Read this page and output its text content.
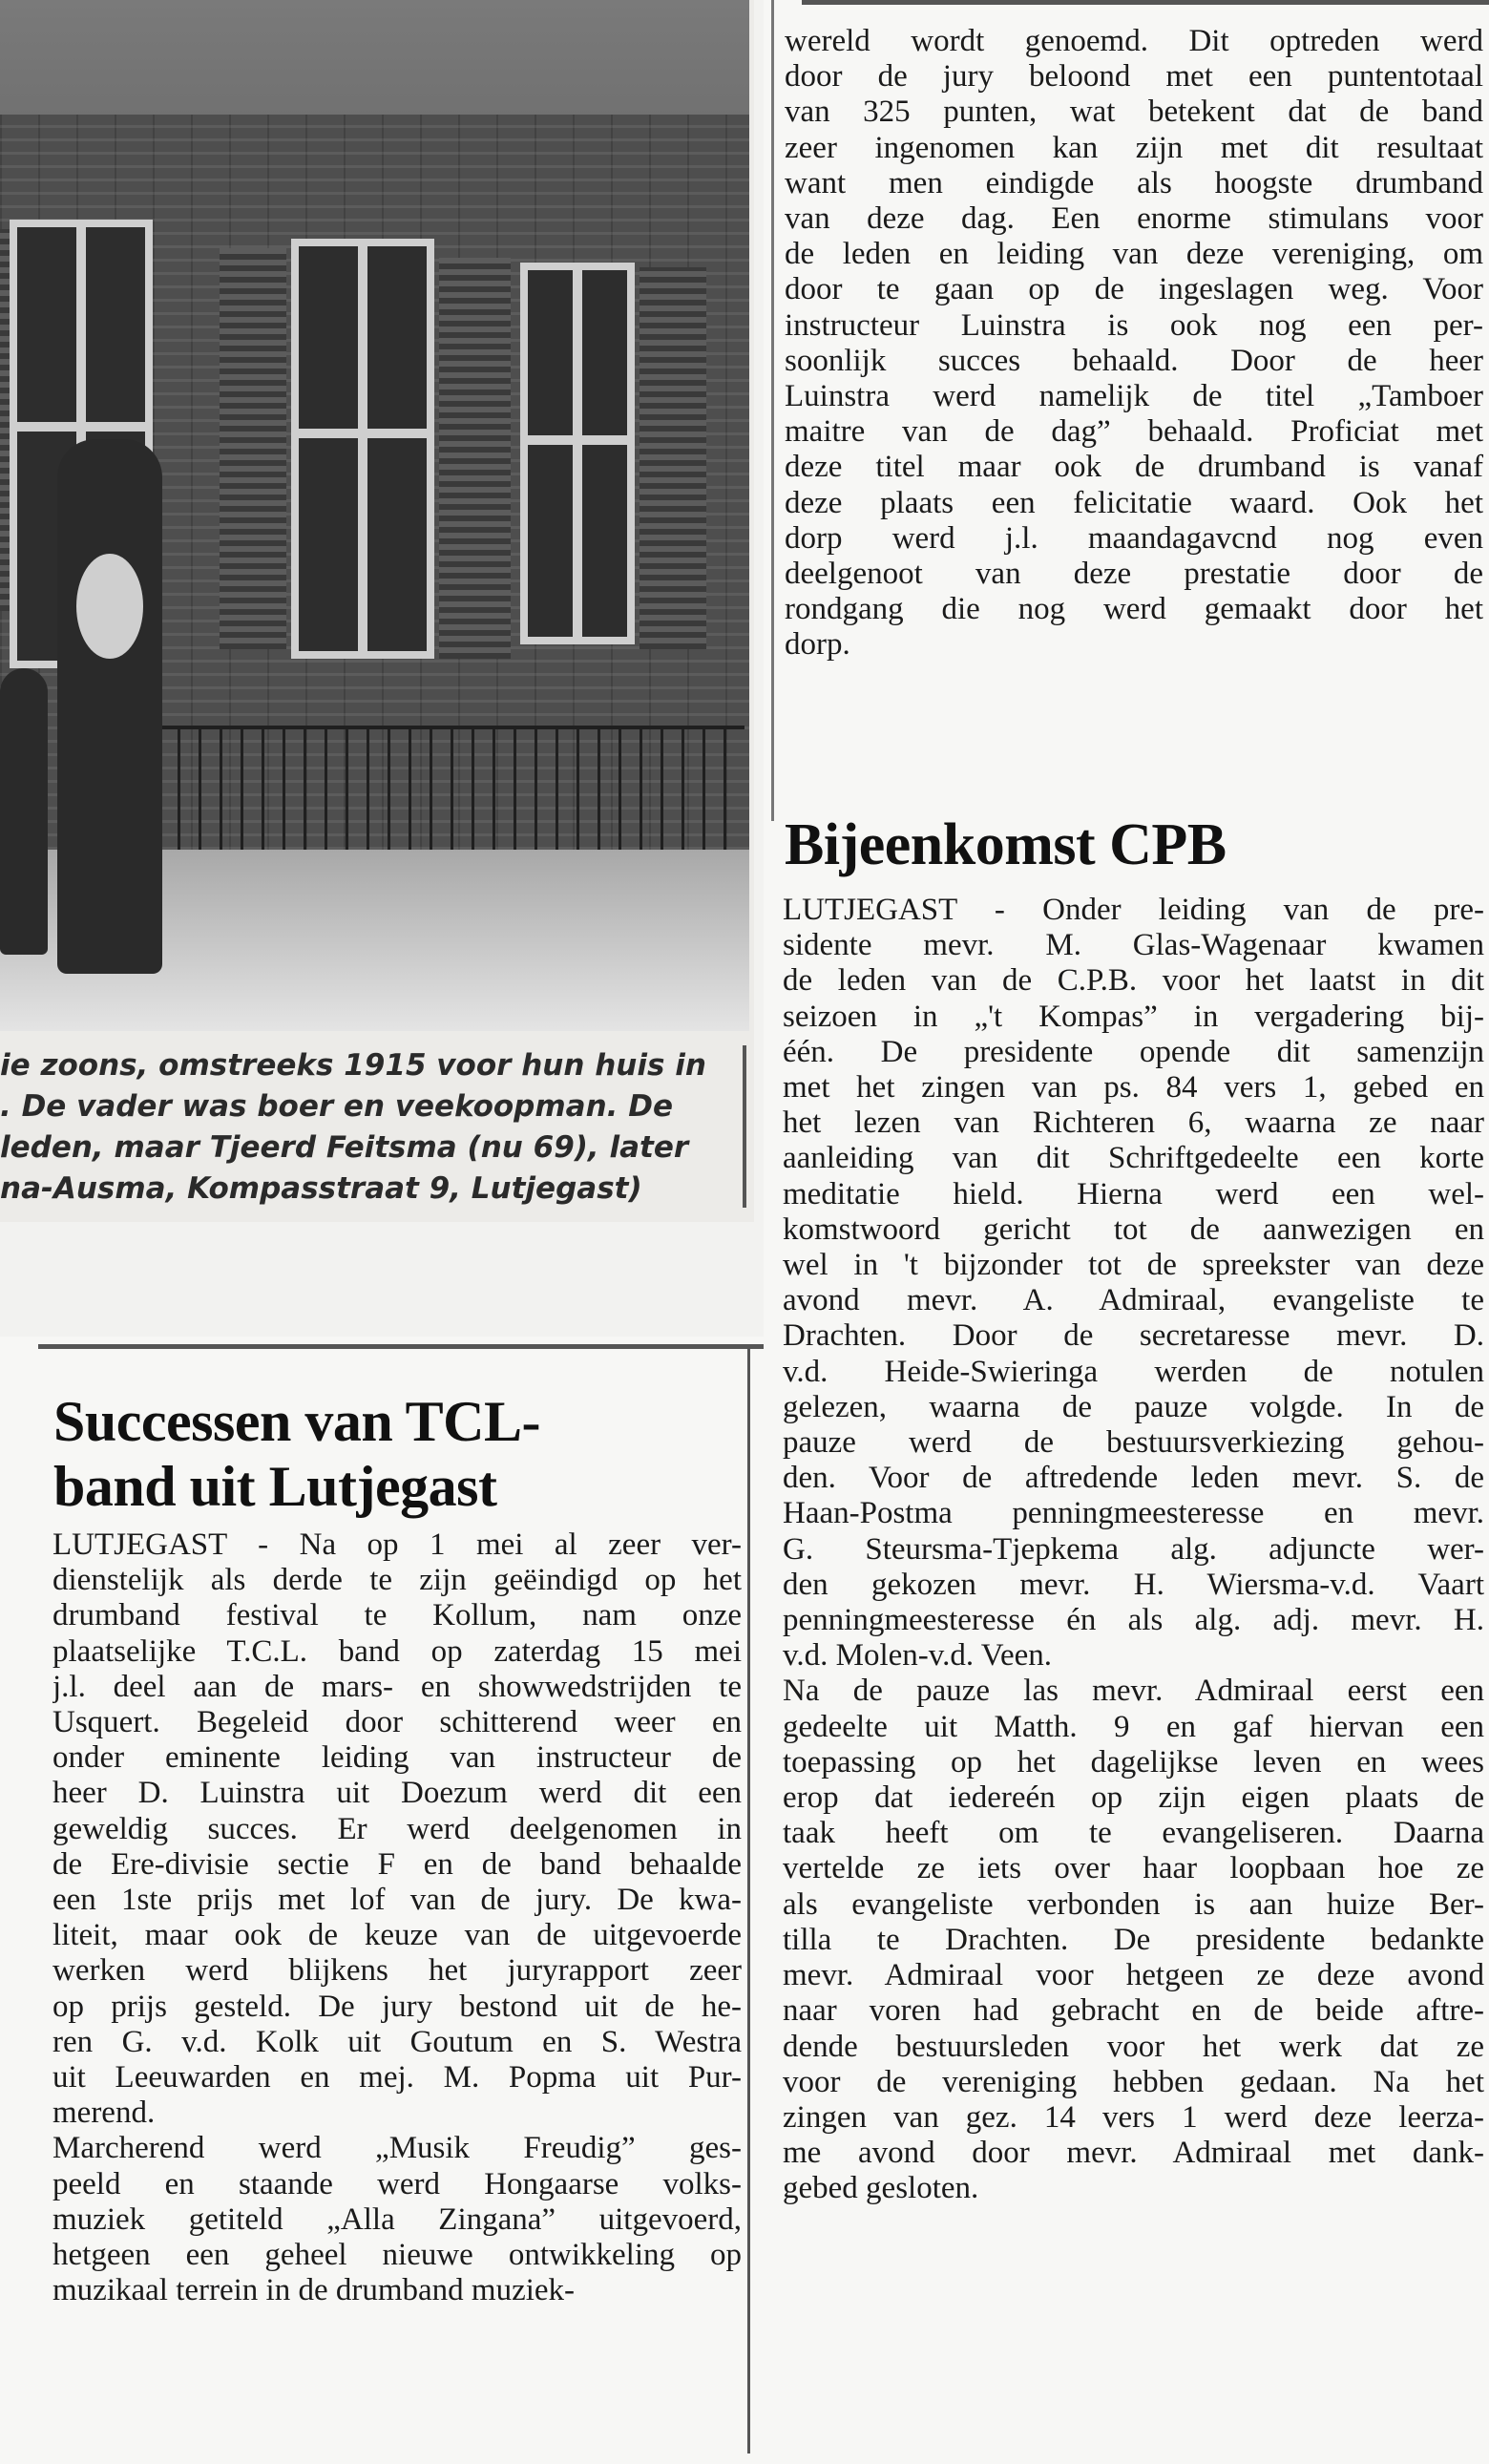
ie zoons, omstreeks 1915 voor hun huis in
. De vader was boer en veekoopman. De
leden, maar Tjeerd Feitsma (nu 69), later
na-Ausma, Kompasstraat 9, Lutjegast)
wereld wordt genoemd. Dit optreden werd
door de jury beloond met een puntentotaal
van 325 punten, wat betekent dat de band
zeer ingenomen kan zijn met dit resultaat
want men eindigde als hoogste drumband
van deze dag. Een enorme stimulans voor
de leden en leiding van deze vereniging, om
door te gaan op de ingeslagen weg. Voor
instructeur Luinstra is ook nog een per-
soonlijk succes behaald. Door de heer
Luinstra werd namelijk de titel „Tamboer
maitre van de dag” behaald. Proficiat met
deze titel maar ook de drumband is vanaf
deze plaats een felicitatie waard. Ook het
dorp werd j.l. maandagavcnd nog even
deelgenoot van deze prestatie door de
rondgang die nog werd gemaakt door het
dorp.
Bijeenkomst CPB
LUTJEGAST - Onder leiding van de pre-
sidente mevr. M. Glas-Wagenaar kwamen
de leden van de C.P.B. voor het laatst in dit
seizoen in „'t Kompas” in vergadering bij-
één. De presidente opende dit samenzijn
met het zingen van ps. 84 vers 1, gebed en
het lezen van Richteren 6, waarna ze naar
aanleiding van dit Schriftgedeelte een korte
meditatie hield. Hierna werd een wel-
komstwoord gericht tot de aanwezigen en
wel in 't bijzonder tot de spreekster van deze
avond mevr. A. Admiraal, evangeliste te
Drachten. Door de secretaresse mevr. D.
v.d. Heide-Swieringa werden de notulen
gelezen, waarna de pauze volgde. In de
pauze werd de bestuursverkiezing gehou-
den. Voor de aftredende leden mevr. S. de
Haan-Postma penningmeesteresse en mevr.
G. Steursma-Tjepkema alg. adjuncte wer-
den gekozen mevr. H. Wiersma-v.d. Vaart
penningmeesteresse én als alg. adj. mevr. H.
v.d. Molen-v.d. Veen.
Na de pauze las mevr. Admiraal eerst een
gedeelte uit Matth. 9 en gaf hiervan een
toepassing op het dagelijkse leven en wees
erop dat iedereén op zijn eigen plaats de
taak heeft om te evangeliseren. Daarna
vertelde ze iets over haar loopbaan hoe ze
als evangeliste verbonden is aan huize Ber-
tilla te Drachten. De presidente bedankte
mevr. Admiraal voor hetgeen ze deze avond
naar voren had gebracht en de beide aftre-
dende bestuursleden voor het werk dat ze
voor de vereniging hebben gedaan. Na het
zingen van gez. 14 vers 1 werd deze leerza-
me avond door mevr. Admiraal met dank-
gebed gesloten.
Successen van TCL-
band uit Lutjegast
LUTJEGAST - Na op 1 mei al zeer ver-
dienstelijk als derde te zijn geëindigd op het
drumband festival te Kollum, nam onze
plaatselijke T.C.L. band op zaterdag 15 mei
j.l. deel aan de mars- en showwedstrijden te
Usquert. Begeleid door schitterend weer en
onder eminente leiding van instructeur de
heer D. Luinstra uit Doezum werd dit een
geweldig succes. Er werd deelgenomen in
de Ere-divisie sectie F en de band behaalde
een 1ste prijs met lof van de jury. De kwa-
liteit, maar ook de keuze van de uitgevoerde
werken werd blijkens het juryrapport zeer
op prijs gesteld. De jury bestond uit de he-
ren G. v.d. Kolk uit Goutum en S. Westra
uit Leeuwarden en mej. M. Popma uit Pur-
merend.
Marcherend werd „Musik Freudig” ges-
peeld en staande werd Hongaarse volks-
muziek getiteld „Alla Zingana” uitgevoerd,
hetgeen een geheel nieuwe ontwikkeling op
muzikaal terrein in de drumband muziek-
